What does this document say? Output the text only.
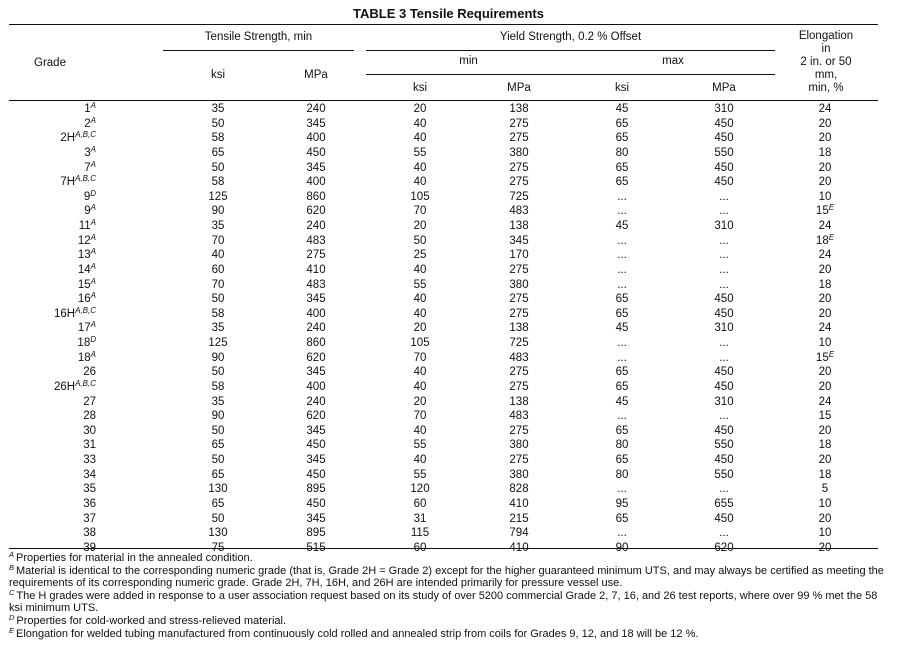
TABLE 3 Tensile Requirements
Grade
Tensile Strength, min	Yield Strength, 0.2 % Offset
min	max
ksi	MPa
ksi	MPa	ksi	MPa
Elongation
in
2 in. or 50
mm,
min, %
$1^A$	35	240	20	138	45	310	24
$2^A$	50	345	40	275	65	450	20
$2H^{A,B,C}$	58	400	40	275	65	450	20
$3^A$	65	450	55	380	80	550	18
$7^A$	50	345	40	275	65	450	20
$7H^{A,B,C}$	58	400	40	275	65	450	20
$9^D$	125	860	105	725	...	...	10
$9^A$	90	620	70	483	...	...	$15^E$
$11^A$	35	240	20	138	45	310	24
$12^A$	70	483	50	345	...	...	$18^E$
$13^A$	40	275	25	170	...	...	24
$14^A$	60	410	40	275	...	...	20
$15^A$	70	483	55	380	...	...	18
$16^A$	50	345	40	275	65	450	20
$16H^{A,B,C}$	58	400	40	275	65	450	20
$17^A$	35	240	20	138	45	310	24
$18^D$	125	860	105	725	...	...	10
$18^A$	90	620	70	483	...	...	$15^E$
26	50	345	40	275	65	450	20
$26H^{A,B,C}$	58	400	40	275	65	450	20
27	35	240	20	138	45	310	24
28	90	620	70	483	...	...	15
30	50	345	40	275	65	450	20
31	65	450	55	380	80	550	18
33	50	345	40	275	65	450	20
34	65	450	55	380	80	550	18
35	130	895	120	828	...	...	5
36	65	450	60	410	95	655	10
37	50	345	31	215	65	450	20
38	130	895	115	794	...	...	10
39	75	515	60	410	90	620	20

$^A$ Properties for material in the annealed condition.

$^B$ Material is identical to the corresponding numeric grade (that is, Grade 2H = Grade 2) except for the higher guaranteed minimum UTS, and may always be certified as meeting the requirements of its corresponding numeric grade. Grade 2H, 7H, 16H, and 26H are intended primarily for pressure vessel use.

$^C$ The H grades were added in response to a user association request based on its study of over 5200 commercial Grade 2, 7, 16, and 26 test reports, where over 99 % met the 58 ksi minimum UTS.

$^D$ Properties for cold-worked and stress-relieved material.

$^E$ Elongation for welded tubing manufactured from continuously cold rolled and annealed strip from coils for Grades 9, 12, and 18 will be 12 %.
